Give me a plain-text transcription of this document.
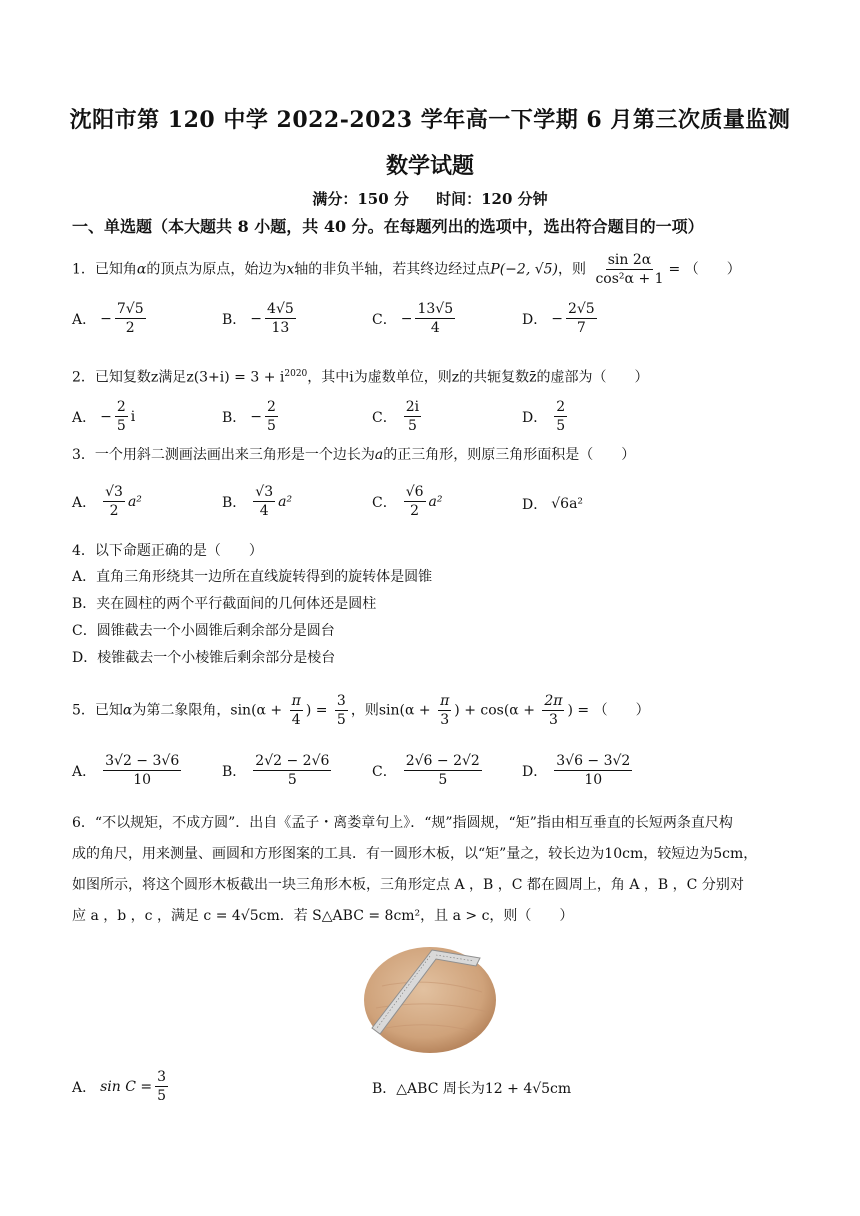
沈阳市第 120 中学 2022-2023 学年高一下学期 6 月第三次质量监测
数学试题
满分：150 分 时间：120 分钟
一、单选题（本大题共 8 小题，共 40 分。在每题列出的选项中，选出符合题目的一项）
1．已知角α的顶点为原点，始边为x轴的非负半轴，若其终边经过点P(−2, √5)，则 $\frac{\sin 2\alpha}{\text{cos²α + 1}}$ = （　　）
A． − $\frac{7√5}{2}$	B． − $\frac{4√5}{13}$	C． − $\frac{13√5}{4}$	D． − $\frac{2√5}{7}$
2．已知复数z满足$z(3+i) = 3 + i^{2020}$，其中i为虚数单位，则z的共轭复数z̄的虚部为（　　）
A． − $\frac{2}{5}$ i	B． − $\frac{2}{5}$	C． $\frac{2i}{5}$	D． $\frac{2}{5}$
3．一个用斜二测画法画出来三角形是一个边长为a的正三角形，则原三角形面积是（　　）
A． $\frac{√3}{2} a^2$	B． $\frac{√3}{4} a^2$	C． $\frac{√6}{2} a^2$	D． √6a²
4．以下命题正确的是（　　）
A．直角三角形绕其一边所在直线旋转得到的旋转体是圆锥
B．夹在圆柱的两个平行截面间的几何体还是圆柱
C．圆锥截去一个小圆锥后剩余部分是圆台
D．棱锥截去一个小棱锥后剩余部分是棱台
5．已知α为第二象限角，$\sin(\alpha + \frac{\pi}{4}$ ) = $\frac{3}{5}$ ，则$\sin(\alpha + \frac{\pi}{3}$ ) + $\cos(\alpha + \frac{2\pi}{3}$ ) = （　　）
A． $\frac{3√2 - 3√6}{10}$	B． $\frac{2√2 - 2√6}{5}$	C． $\frac{2√6 - 2√2}{5}$	D． $\frac{3√6 - 3√2}{10}$
6．“不以规矩，不成方圆”．出自《孟子・离娄章句上》．“规”指圆规，“矩”指由相互垂直的长短两条直尺构
成的角尺，用来测量、画圆和方形图案的工具．有一圆形木板，以“矩”量之，较长边为10cm，较短边为5cm，
如图所示，将这个圆形木板截出一块三角形木板，三角形定点 A ，B ，C 都在圆周上，角 A ，B ，C 分别对
应 a ，b ，c ，满足 c = 4√5cm．若 S△ABC = 8cm²，且 a > c，则（　　）
A． $\sin C = \frac{3}{5}$	B．△ABC 周长为12 + 4√5cm
